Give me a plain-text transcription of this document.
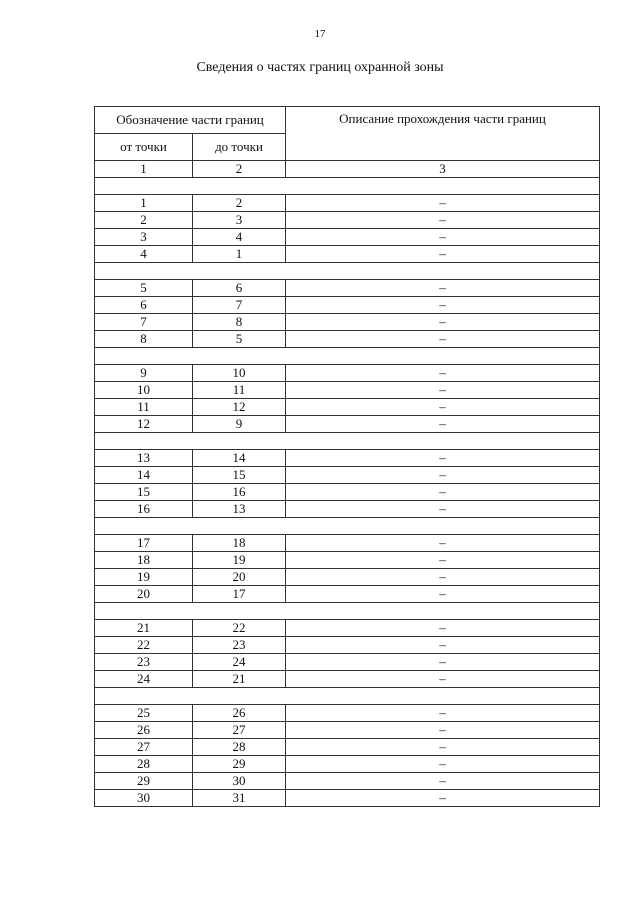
17
Сведения о частях границ охранной зоны
Обозначение части границ		Описание прохождения части границ
от точки	до точки	
1	2	3

1	2	–
2	3	–
3	4	–
4	1	–

5	6	–
6	7	–
7	8	–
8	5	–

9	10	–
10	11	–
11	12	–
12	9	–

13	14	–
14	15	–
15	16	–
16	13	–

17	18	–
18	19	–
19	20	–
20	17	–

21	22	–
22	23	–
23	24	–
24	21	–

25	26	–
26	27	–
27	28	–
28	29	–
29	30	–
30	31	–
